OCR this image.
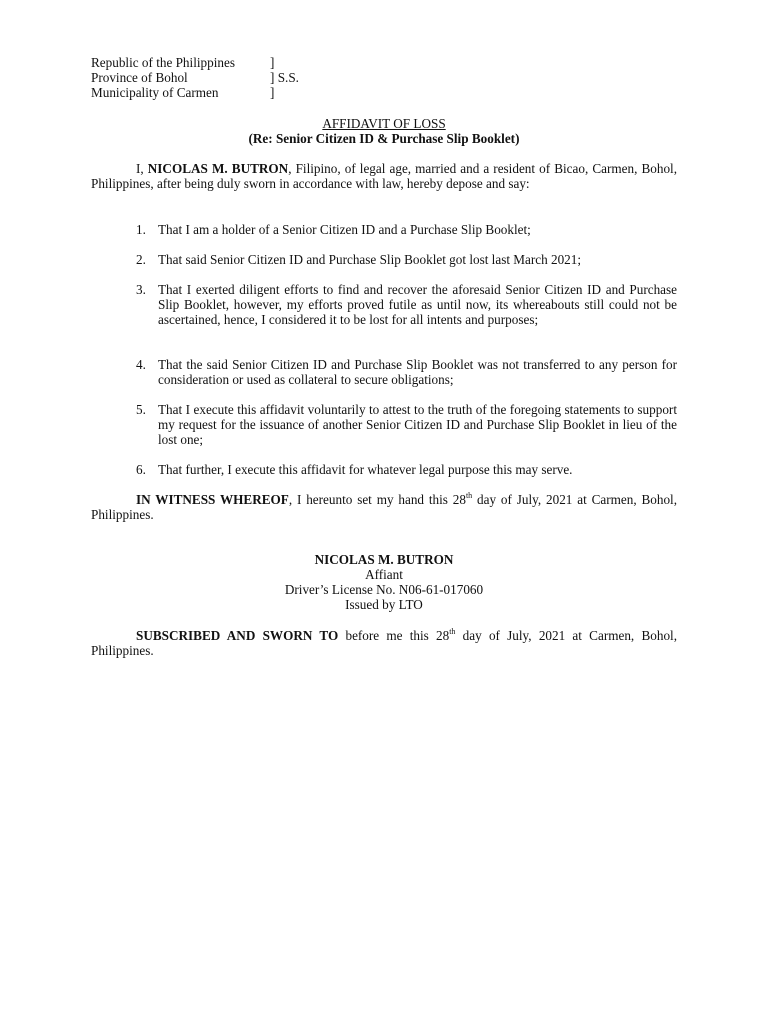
Republic of the Philippines	]
Province of Bohol	] S.S.
Municipality of Carmen	]
AFFIDAVIT OF LOSS
(Re: Senior Citizen ID & Purchase Slip Booklet)
I, NICOLAS M. BUTRON, Filipino, of legal age, married and a resident of Bicao, Carmen, Bohol, Philippines, after being duly sworn in accordance with law, hereby depose and say:
1. That I am a holder of a Senior Citizen ID and a Purchase Slip Booklet;
2. That said Senior Citizen ID and Purchase Slip Booklet got lost last March 2021;
3. That I exerted diligent efforts to find and recover the aforesaid Senior Citizen ID and Purchase Slip Booklet, however, my efforts proved futile as until now, its whereabouts still could not be ascertained, hence, I considered it to be lost for all intents and purposes;
4. That the said Senior Citizen ID and Purchase Slip Booklet was not transferred to any person for consideration or used as collateral to secure obligations;
5. That I execute this affidavit voluntarily to attest to the truth of the foregoing statements to support my request for the issuance of another Senior Citizen ID and Purchase Slip Booklet in lieu of the lost one;
6. That further, I execute this affidavit for whatever legal purpose this may serve.
IN WITNESS WHEREOF, I hereunto set my hand this 28th day of July, 2021 at Carmen, Bohol, Philippines.
NICOLAS M. BUTRON
Affiant
Driver’s License No. N06-61-017060
Issued by LTO
SUBSCRIBED AND SWORN TO before me this 28th day of July, 2021 at Carmen, Bohol, Philippines.
